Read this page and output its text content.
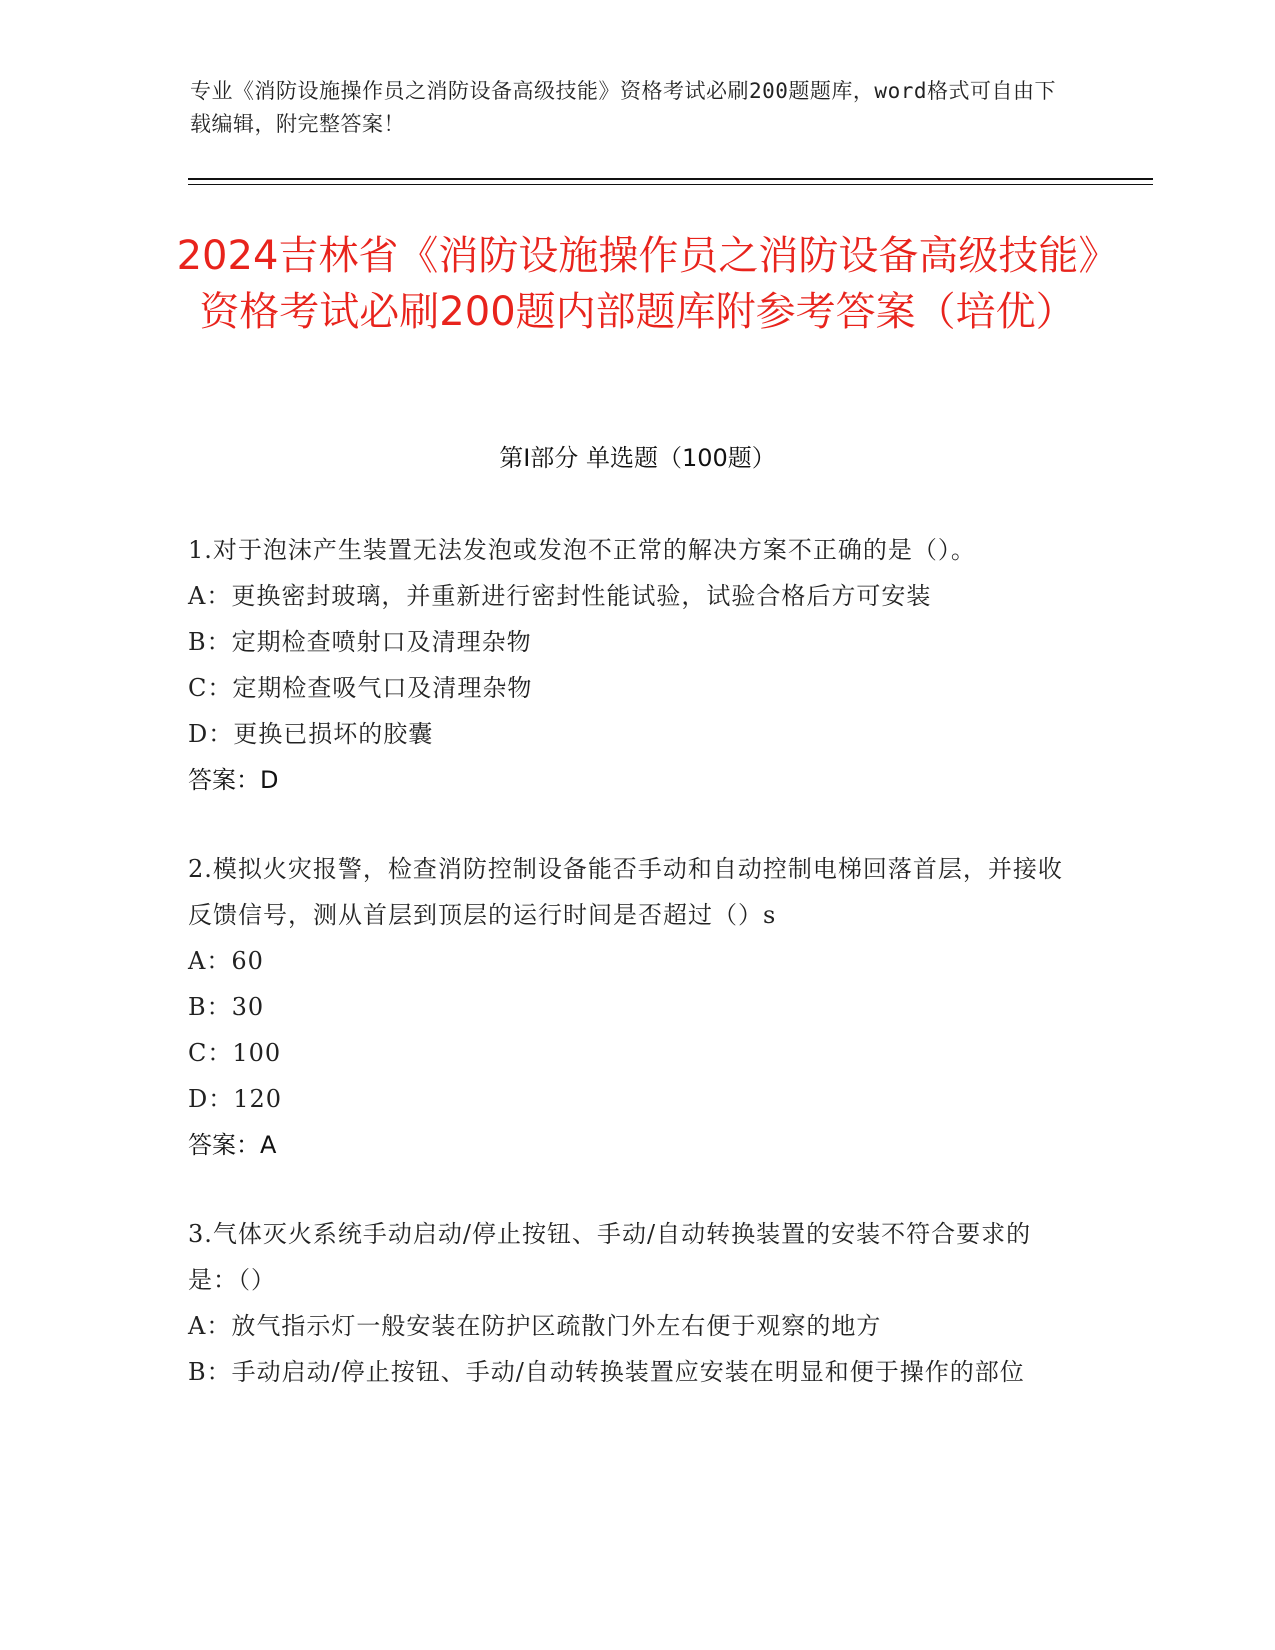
专业《消防设施操作员之消防设备高级技能》资格考试必刷200题题库，word格式可自由下载编辑，附完整答案！
2024吉林省《消防设施操作员之消防设备高级技能》资格考试必刷200题内部题库附参考答案（培优）
第I部分 单选题（100题）
1.对于泡沫产生装置无法发泡或发泡不正常的解决方案不正确的是（）。
A：更换密封玻璃，并重新进行密封性能试验，试验合格后方可安装
B：定期检查喷射口及清理杂物
C：定期检查吸气口及清理杂物
D：更换已损坏的胶囊
答案：D
2.模拟火灾报警，检查消防控制设备能否手动和自动控制电梯回落首层，并接收反馈信号，测从首层到顶层的运行时间是否超过（）s
A：60
B：30
C：100
D：120
答案：A
3.气体灭火系统手动启动/停止按钮、手动/自动转换装置的安装不符合要求的是：（）
A：放气指示灯一般安装在防护区疏散门外左右便于观察的地方
B：手动启动/停止按钮、手动/自动转换装置应安装在明显和便于操作的部位
